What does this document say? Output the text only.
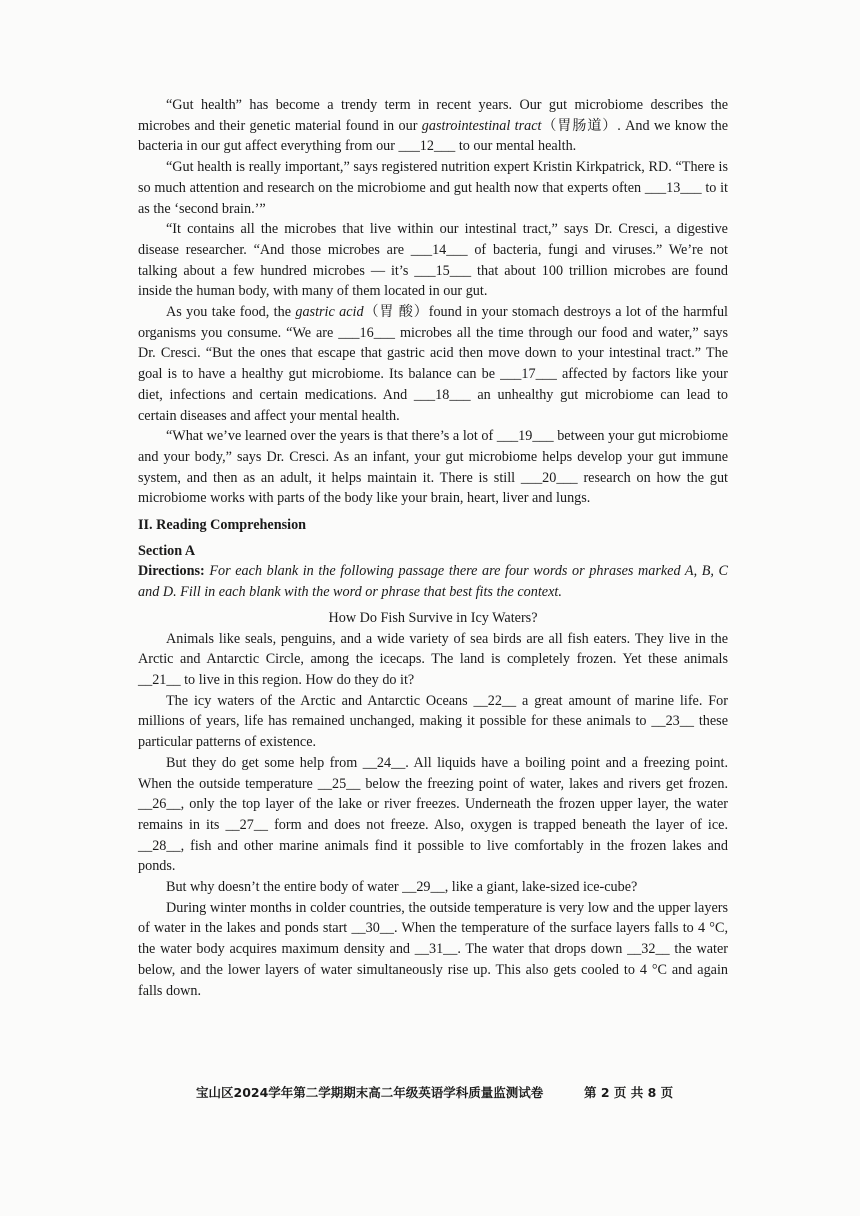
“Gut health” has become a trendy term in recent years. Our gut microbiome describes the microbes and their genetic material found in our gastrointestinal tract（胃肠道）. And we know the bacteria in our gut affect everything from our ___12___ to our mental health.

“Gut health is really important,” says registered nutrition expert Kristin Kirkpatrick, RD. “There is so much attention and research on the microbiome and gut health now that experts often ___13___ to it as the ‘second brain.’”

“It contains all the microbes that live within our intestinal tract,” says Dr. Cresci, a digestive disease researcher. “And those microbes are ___14___ of bacteria, fungi and viruses.” We’re not talking about a few hundred microbes — it’s ___15___ that about 100 trillion microbes are found inside the human body, with many of them located in our gut.

As you take food, the gastric acid（胃 酸）found in your stomach destroys a lot of the harmful organisms you consume. “We are ___16___ microbes all the time through our food and water,” says Dr. Cresci. “But the ones that escape that gastric acid then move down to your intestinal tract.” The goal is to have a healthy gut microbiome. Its balance can be ___17___ affected by factors like your diet, infections and certain medications. And ___18___ an unhealthy gut microbiome can lead to certain diseases and affect your mental health.

“What we’ve learned over the years is that there’s a lot of ___19___ between your gut microbiome and your body,” says Dr. Cresci. As an infant, your gut microbiome helps develop your gut immune system, and then as an adult, it helps maintain it. There is still ___20___ research on how the gut microbiome works with parts of the body like your brain, heart, liver and lungs.

II. Reading Comprehension

Section A

Directions: For each blank in the following passage there are four words or phrases marked A, B, C and D. Fill in each blank with the word or phrase that best fits the context.

How Do Fish Survive in Icy Waters?

Animals like seals, penguins, and a wide variety of sea birds are all fish eaters. They live in the Arctic and Antarctic Circle, among the icecaps. The land is completely frozen. Yet these animals __21__ to live in this region. How do they do it?

The icy waters of the Arctic and Antarctic Oceans __22__ a great amount of marine life. For millions of years, life has remained unchanged, making it possible for these animals to __23__ these particular patterns of existence.

But they do get some help from __24__. All liquids have a boiling point and a freezing point. When the outside temperature __25__ below the freezing point of water, lakes and rivers get frozen. __26__, only the top layer of the lake or river freezes. Underneath the frozen upper layer, the water remains in its __27__ form and does not freeze. Also, oxygen is trapped beneath the layer of ice. __28__, fish and other marine animals find it possible to live comfortably in the frozen lakes and ponds.

But why doesn’t the entire body of water __29__, like a giant, lake-sized ice-cube?

During winter months in colder countries, the outside temperature is very low and the upper layers of water in the lakes and ponds start __30__. When the temperature of the surface layers falls to 4 °C, the water body acquires maximum density and __31__. The water that drops down __32__ the water below, and the lower layers of water simultaneously rise up. This also gets cooled to 4 °C and again falls down.

宝山区2024学年第二学期期末高二年级英语学科质量监测试卷	第 2 页 共 8 页
